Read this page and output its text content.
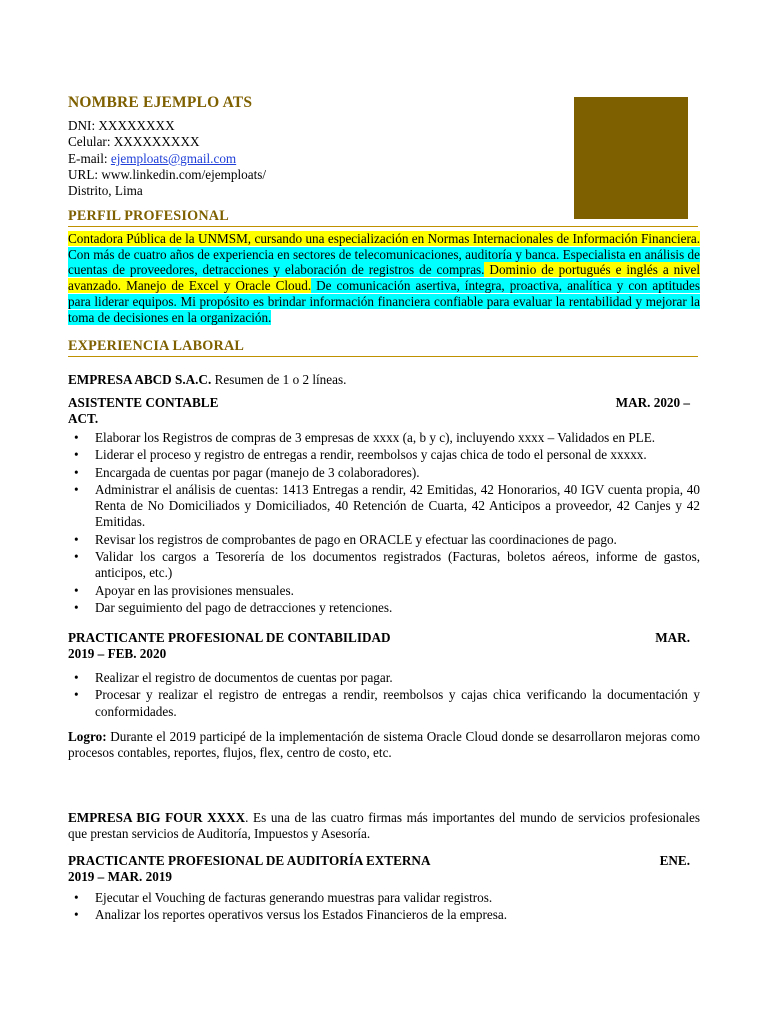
NOMBRE EJEMPLO ATS
DNI: XXXXXXXX
Celular: XXXXXXXXX
E-mail: ejemploats@gmail.com
URL: www.linkedin.com/ejemploats/
Distrito, Lima
PERFIL PROFESIONAL
Contadora Pública de la UNMSM, cursando una especialización en Normas Internacionales de Información Financiera. Con más de cuatro años de experiencia en sectores de telecomunicaciones, auditoría y banca. Especialista en análisis de cuentas de proveedores, detracciones y elaboración de registros de compras. Dominio de portugués e inglés a nivel avanzado. Manejo de Excel y Oracle Cloud. De comunicación asertiva, íntegra, proactiva, analítica y con aptitudes para liderar equipos. Mi propósito es brindar información financiera confiable para evaluar la rentabilidad y mejorar la toma de decisiones en la organización.
EXPERIENCIA LABORAL
EMPRESA ABCD S.A.C. Resumen de 1 o 2 líneas.
ASISTENTE CONTABLE	MAR. 2020 –
ACT.
• Elaborar los Registros de compras de 3 empresas de xxxx (a, b y c), incluyendo xxxx – Validados en PLE.
• Liderar el proceso y registro de entregas a rendir, reembolsos y cajas chica de todo el personal de xxxxx.
• Encargada de cuentas por pagar (manejo de 3 colaboradores).
• Administrar el análisis de cuentas: 1413 Entregas a rendir, 42 Emitidas, 42 Honorarios, 40 IGV cuenta propia, 40 Renta de No Domiciliados y Domiciliados, 40 Retención de Cuarta, 42 Anticipos a proveedor, 42 Canjes y 42 Emitidas.
• Revisar los registros de comprobantes de pago en ORACLE y efectuar las coordinaciones de pago.
• Validar los cargos a Tesorería de los documentos registrados (Facturas, boletos aéreos, informe de gastos, anticipos, etc.)
• Apoyar en las provisiones mensuales.
• Dar seguimiento del pago de detracciones y retenciones.
PRACTICANTE PROFESIONAL DE CONTABILIDAD	MAR.
2019 – FEB. 2020
• Realizar el registro de documentos de cuentas por pagar.
• Procesar y realizar el registro de entregas a rendir, reembolsos y cajas chica verificando la documentación y conformidades.
Logro: Durante el 2019 participé de la implementación de sistema Oracle Cloud donde se desarrollaron mejoras como procesos contables, reportes, flujos, flex, centro de costo, etc.
EMPRESA BIG FOUR XXXX. Es una de las cuatro firmas más importantes del mundo de servicios profesionales que prestan servicios de Auditoría, Impuestos y Asesoría.
PRACTICANTE PROFESIONAL DE AUDITORÍA EXTERNA	ENE.
2019 – MAR. 2019
• Ejecutar el Vouching de facturas generando muestras para validar registros.
• Analizar los reportes operativos versus los Estados Financieros de la empresa.
